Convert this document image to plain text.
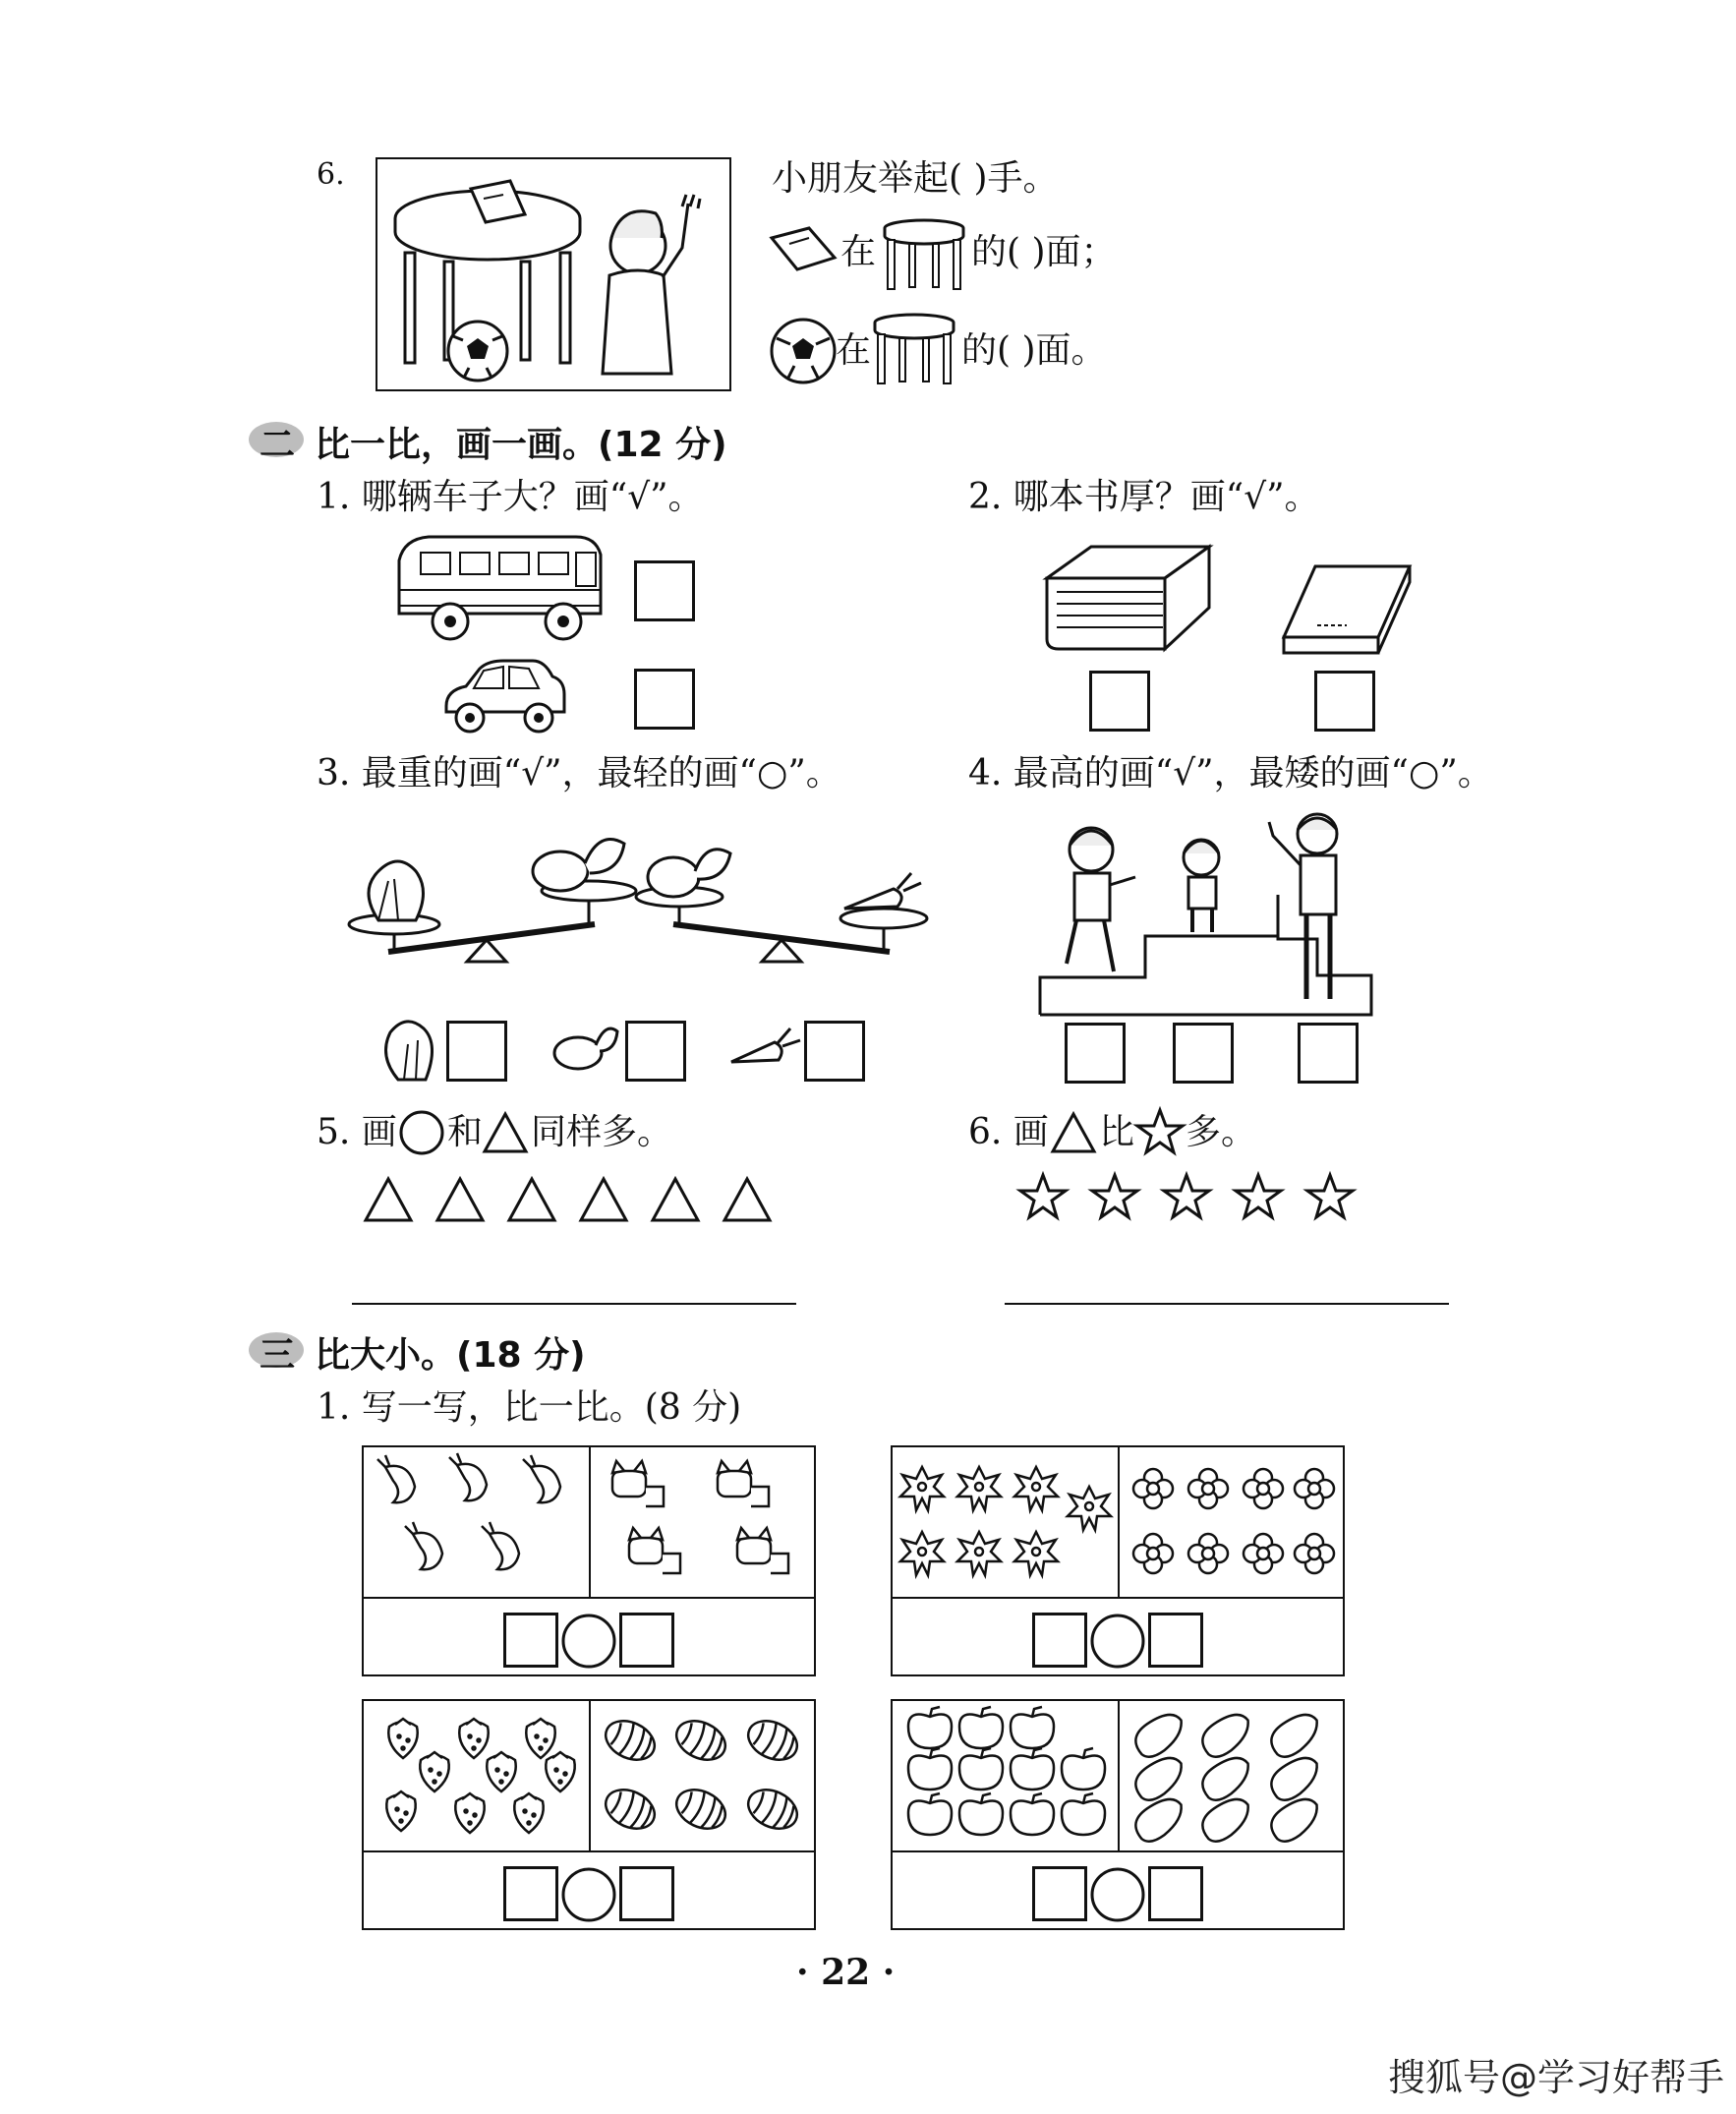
6.	小朋友举起( )手。
在	的( )面；
在	的( )面。
二 比一比，画一画。(12 分)
1. 哪辆车子大？画“√”。	2. 哪本书厚？画“√”。
3. 最重的画“√”，最轻的画“○”。	4. 最高的画“√”，最矮的画“○”。
5. 画 和 同样多。	6. 画 比 多。
三 比大小。(18 分)
1. 写一写，比一比。(8 分)
· 22 ·
搜狐号@学习好帮手
